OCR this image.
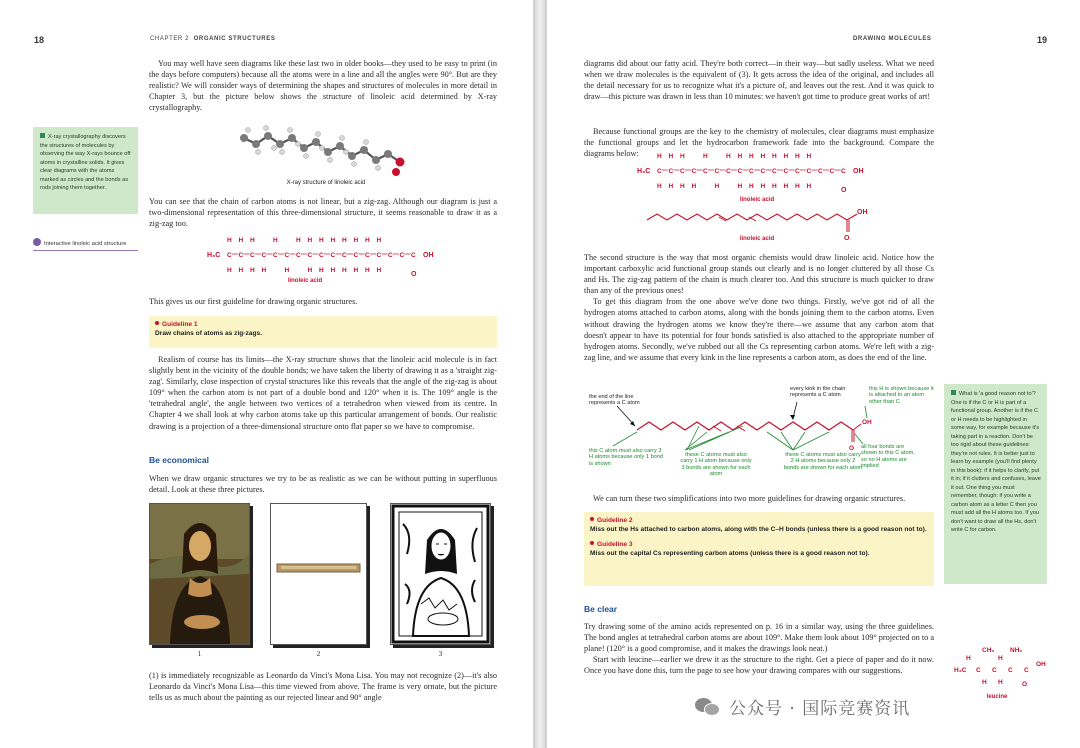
18	CHAPTER 2 ORGANIC STRUCTURES

You may well have seen diagrams like these last two in older books—they used to be easy to print (in the days before computers) because all the atoms were in a line and all the angles were 90°. But are they realistic? We will consider ways of determining the shapes and structures of molecules in more detail in Chapter 3, but the picture below shows the structure of linoleic acid determined by X-ray crystallography.

X-ray structure of linoleic acid
X-ray crystallography discovers the structures of molecules by observing the way X-rays bounce off atoms in crystalline solids. It gives clear diagrams with the atoms marked as circles and the bonds as rods joining them together.
Interactive linoleic acid structure

You can see that the chain of carbon atoms is not linear, but a zig-zag. Although our diagram is just a two-dimensional representation of this three-dimensional structure, it seems reasonable to draw it as a zig-zag too.

H₃C C
H
H
C
H
H
C
H
H
C
H
C
H
C
H
C
H
C
H
H
C
H
H
C
H
H
C
H
H
C
H
H
C
H
H
C
H
H
C C C OH
O
linoleic acid

This gives us our first guideline for drawing organic structures.

Guideline 1
Draw chains of atoms as zig-zags.

Realism of course has its limits—the X-ray structure shows that the linoleic acid molecule is in fact slightly bent in the vicinity of the double bonds; we have taken the liberty of drawing it as a 'straight zig-zag'. Similarly, close inspection of crystal structures like this reveals that the angle of the zig-zag is about 109° when the carbon atom is not part of a double bond and 120° when it is. The 109° angle is the 'tetrahedral angle', the angle between two vertices of a tetrahedron when viewed from its centre. In Chapter 4 we shall look at why carbon atoms take up this particular arrangement of bonds. Our realistic drawing is a projection of a three-dimensional structure onto flat paper so we have to compromise.

Be economical

When we draw organic structures we try to be as realistic as we can be without putting in superfluous detail. Look at these three pictures.

1	2	3

(1) is immediately recognizable as Leonardo da Vinci's Mona Lisa. You may not recognize (2)—it's also Leonardo da Vinci's Mona Lisa—this time viewed from above. The frame is very ornate, but the picture tells us as much about the painting as our rejected linear and 90° angle

DRAWING MOLECULES	19

diagrams did about our fatty acid. They're both correct—in their way—but sadly useless. What we need when we draw molecules is the equivalent of (3). It gets across the idea of the original, and includes all the detail necessary for us to recognize what it's a picture of, and leaves out the rest. And it was quick to draw—this picture was drawn in less than 10 minutes: we haven't got time to produce great works of art!

Because functional groups are the key to the chemistry of molecules, clear diagrams must emphasize the functional groups and let the hydrocarbon framework fade into the background. Compare the diagrams below:

H₃C C
H
H
C
H
H
C
H
H
C
H
C
H
C
H
C
H
C
H
H
C
H
H
C
H
H
C
H
H
C
H
H
C
H
H
C
H
H
C C C OH
O
linoleic acid
OH
O
linoleic acid

The second structure is the way that most organic chemists would draw linoleic acid. Notice how the important carboxylic acid functional group stands out clearly and is no longer cluttered by all those Cs and Hs. The zig-zag pattern of the chain is much clearer too. And this structure is much quicker to draw than any of the previous ones!

To get this diagram from the one above we've done two things. Firstly, we've got rid of all the hydrogen atoms attached to carbon atoms, along with the bonds joining them to the carbon atoms. Even without drawing the hydrogen atoms we know they're there—we assume that any carbon atom that doesn't appear to have its potential for four bonds satisfied is also attached to the appropriate number of hydrogen atoms. Secondly, we've rubbed out all the Cs representing carbon atoms. We're left with a zig-zag line, and we assume that every kink in the line represents a carbon atom, as does the end of the line.

OH
O
the end of the line represents a C atom
every kink in the chain represents a C atom
this H is shown because it is attached to an atom other than C
this C atom must also carry 3 H atoms because only 1 bond is shown
these C atoms must also carry 1 H atom because only 3 bonds are shown for each atom
these C atoms must also carry 2 H atoms because only 2 bonds are shown for each atom
all four bonds are shown to this C atom, so no H atoms are implied

We can turn these two simplifications into two more guidelines for drawing organic structures.

Guideline 2
Miss out the Hs attached to carbon atoms, along with the C–H bonds (unless there is a good reason not to).
Guideline 3
Miss out the capital Cs representing carbon atoms (unless there is a good reason not to).
Be clear

Try drawing some of the amino acids represented on p. 16 in a similar way, using the three guidelines. The bond angles at tetrahedral carbon atoms are about 109°. Make them look about 109° projected on to a plane! (120° is a good compromise, and it makes the drawings look neat.)

Start with leucine—earlier we drew it as the structure to the right. Get a piece of paper and do it now. Once you have done this, turn the page to see how your drawing compares with our suggestions.

What is 'a good reason not to'? One is if the C or H is part of a functional group. Another is if the C or H needs to be highlighted in some way, for example because it's taking part in a reaction. Don't be too rigid about these guidelines: they're not rules. It is better just to learn by example (you'll find plenty in this book): if it helps to clarify, put it in; if it clutters and confuses, leave it out. One thing you must remember, though: if you write a carbon atom as a letter C then you must add all the H atoms too. If you don't want to draw all the Hs, don't write C for carbon.
CH₃ NH₂
H	H
H₃C C C C C
OH
H H	O
leucine
公众号 · 国际竞赛资讯
